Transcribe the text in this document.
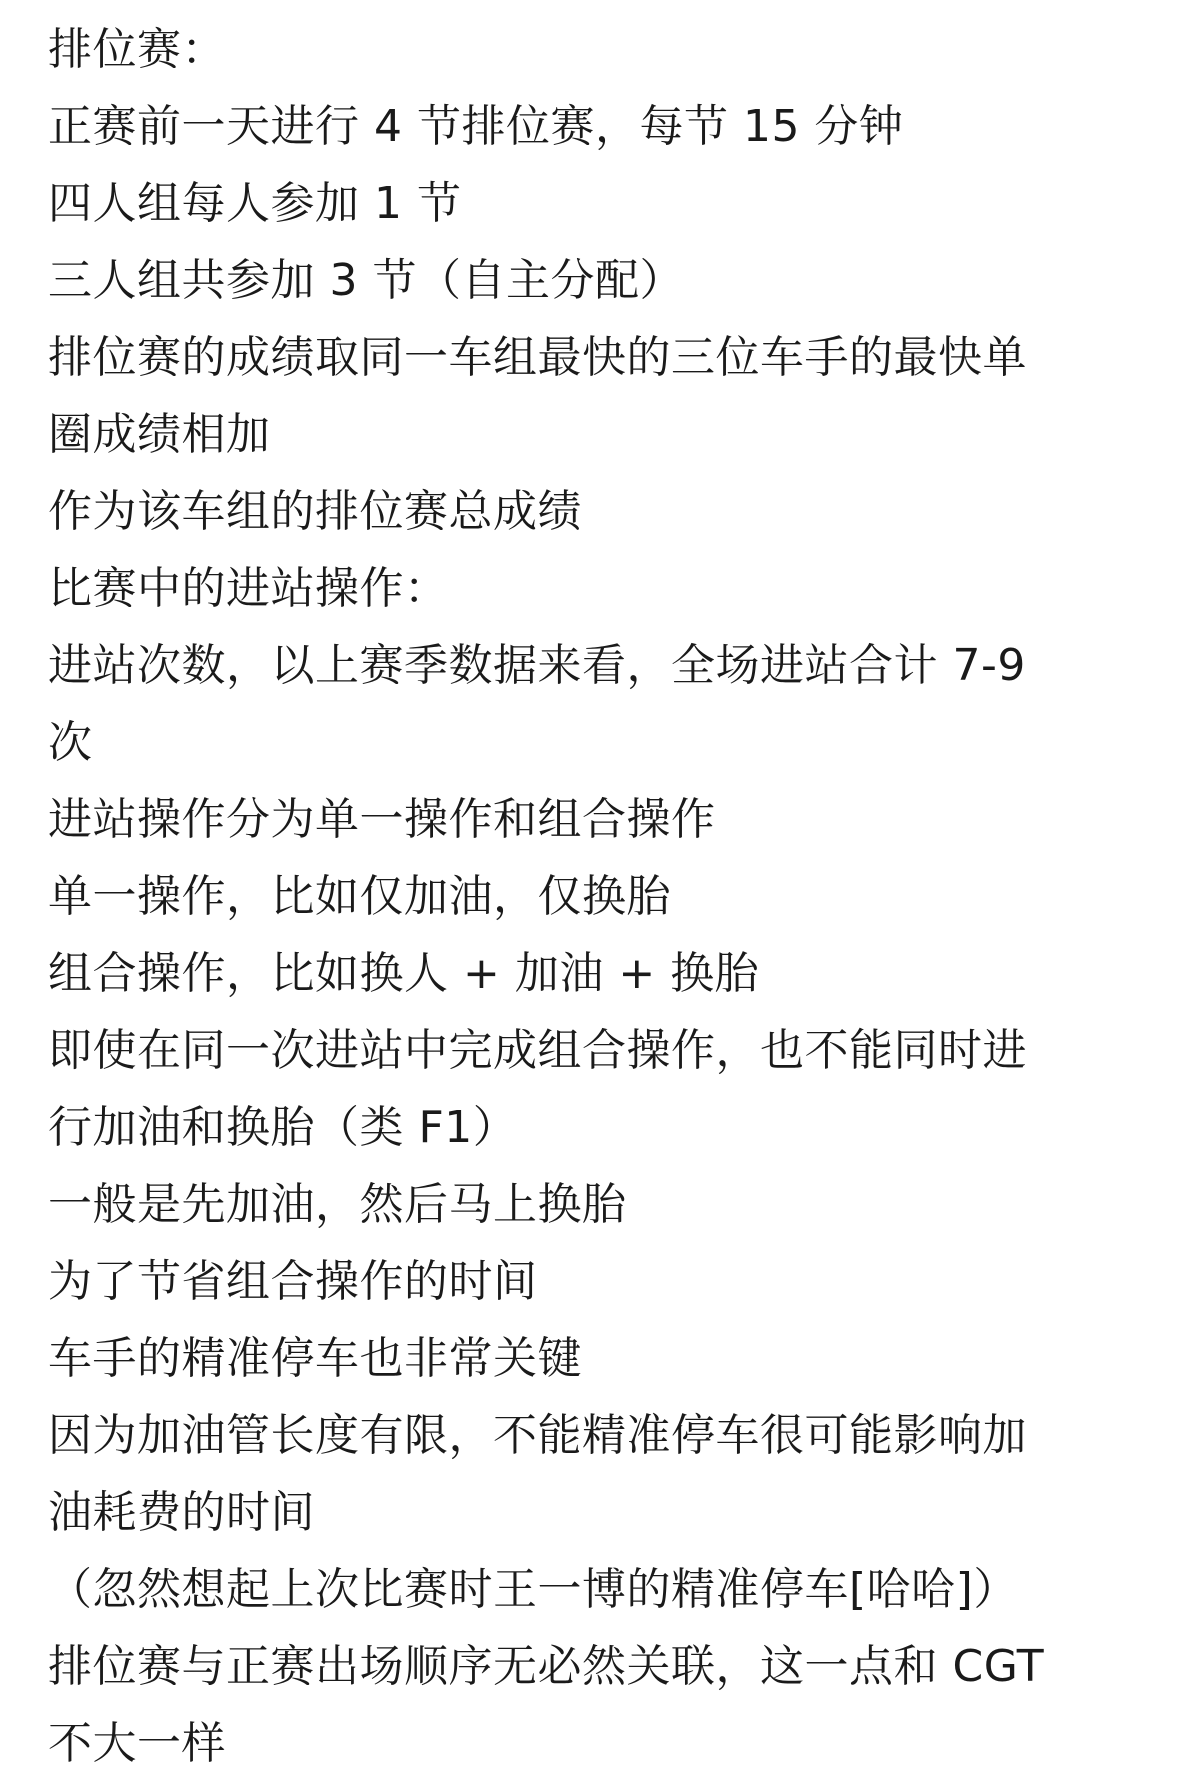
排位赛：
正赛前一天进行 4 节排位赛，每节 15 分钟
四人组每人参加 1 节
三人组共参加 3 节（自主分配）
排位赛的成绩取同一车组最快的三位车手的最快单
圈成绩相加
作为该车组的排位赛总成绩
比赛中的进站操作：
进站次数，以上赛季数据来看，全场进站合计 7-9
次
进站操作分为单一操作和组合操作
单一操作，比如仅加油，仅换胎
组合操作，比如换人 + 加油 + 换胎
即使在同一次进站中完成组合操作，也不能同时进
行加油和换胎（类 F1）
一般是先加油，然后马上换胎
为了节省组合操作的时间
车手的精准停车也非常关键
因为加油管长度有限，不能精准停车很可能影响加
油耗费的时间
（忽然想起上次比赛时王一博的精准停车[哈哈]）
排位赛与正赛出场顺序无必然关联，这一点和 CGT
不大一样
